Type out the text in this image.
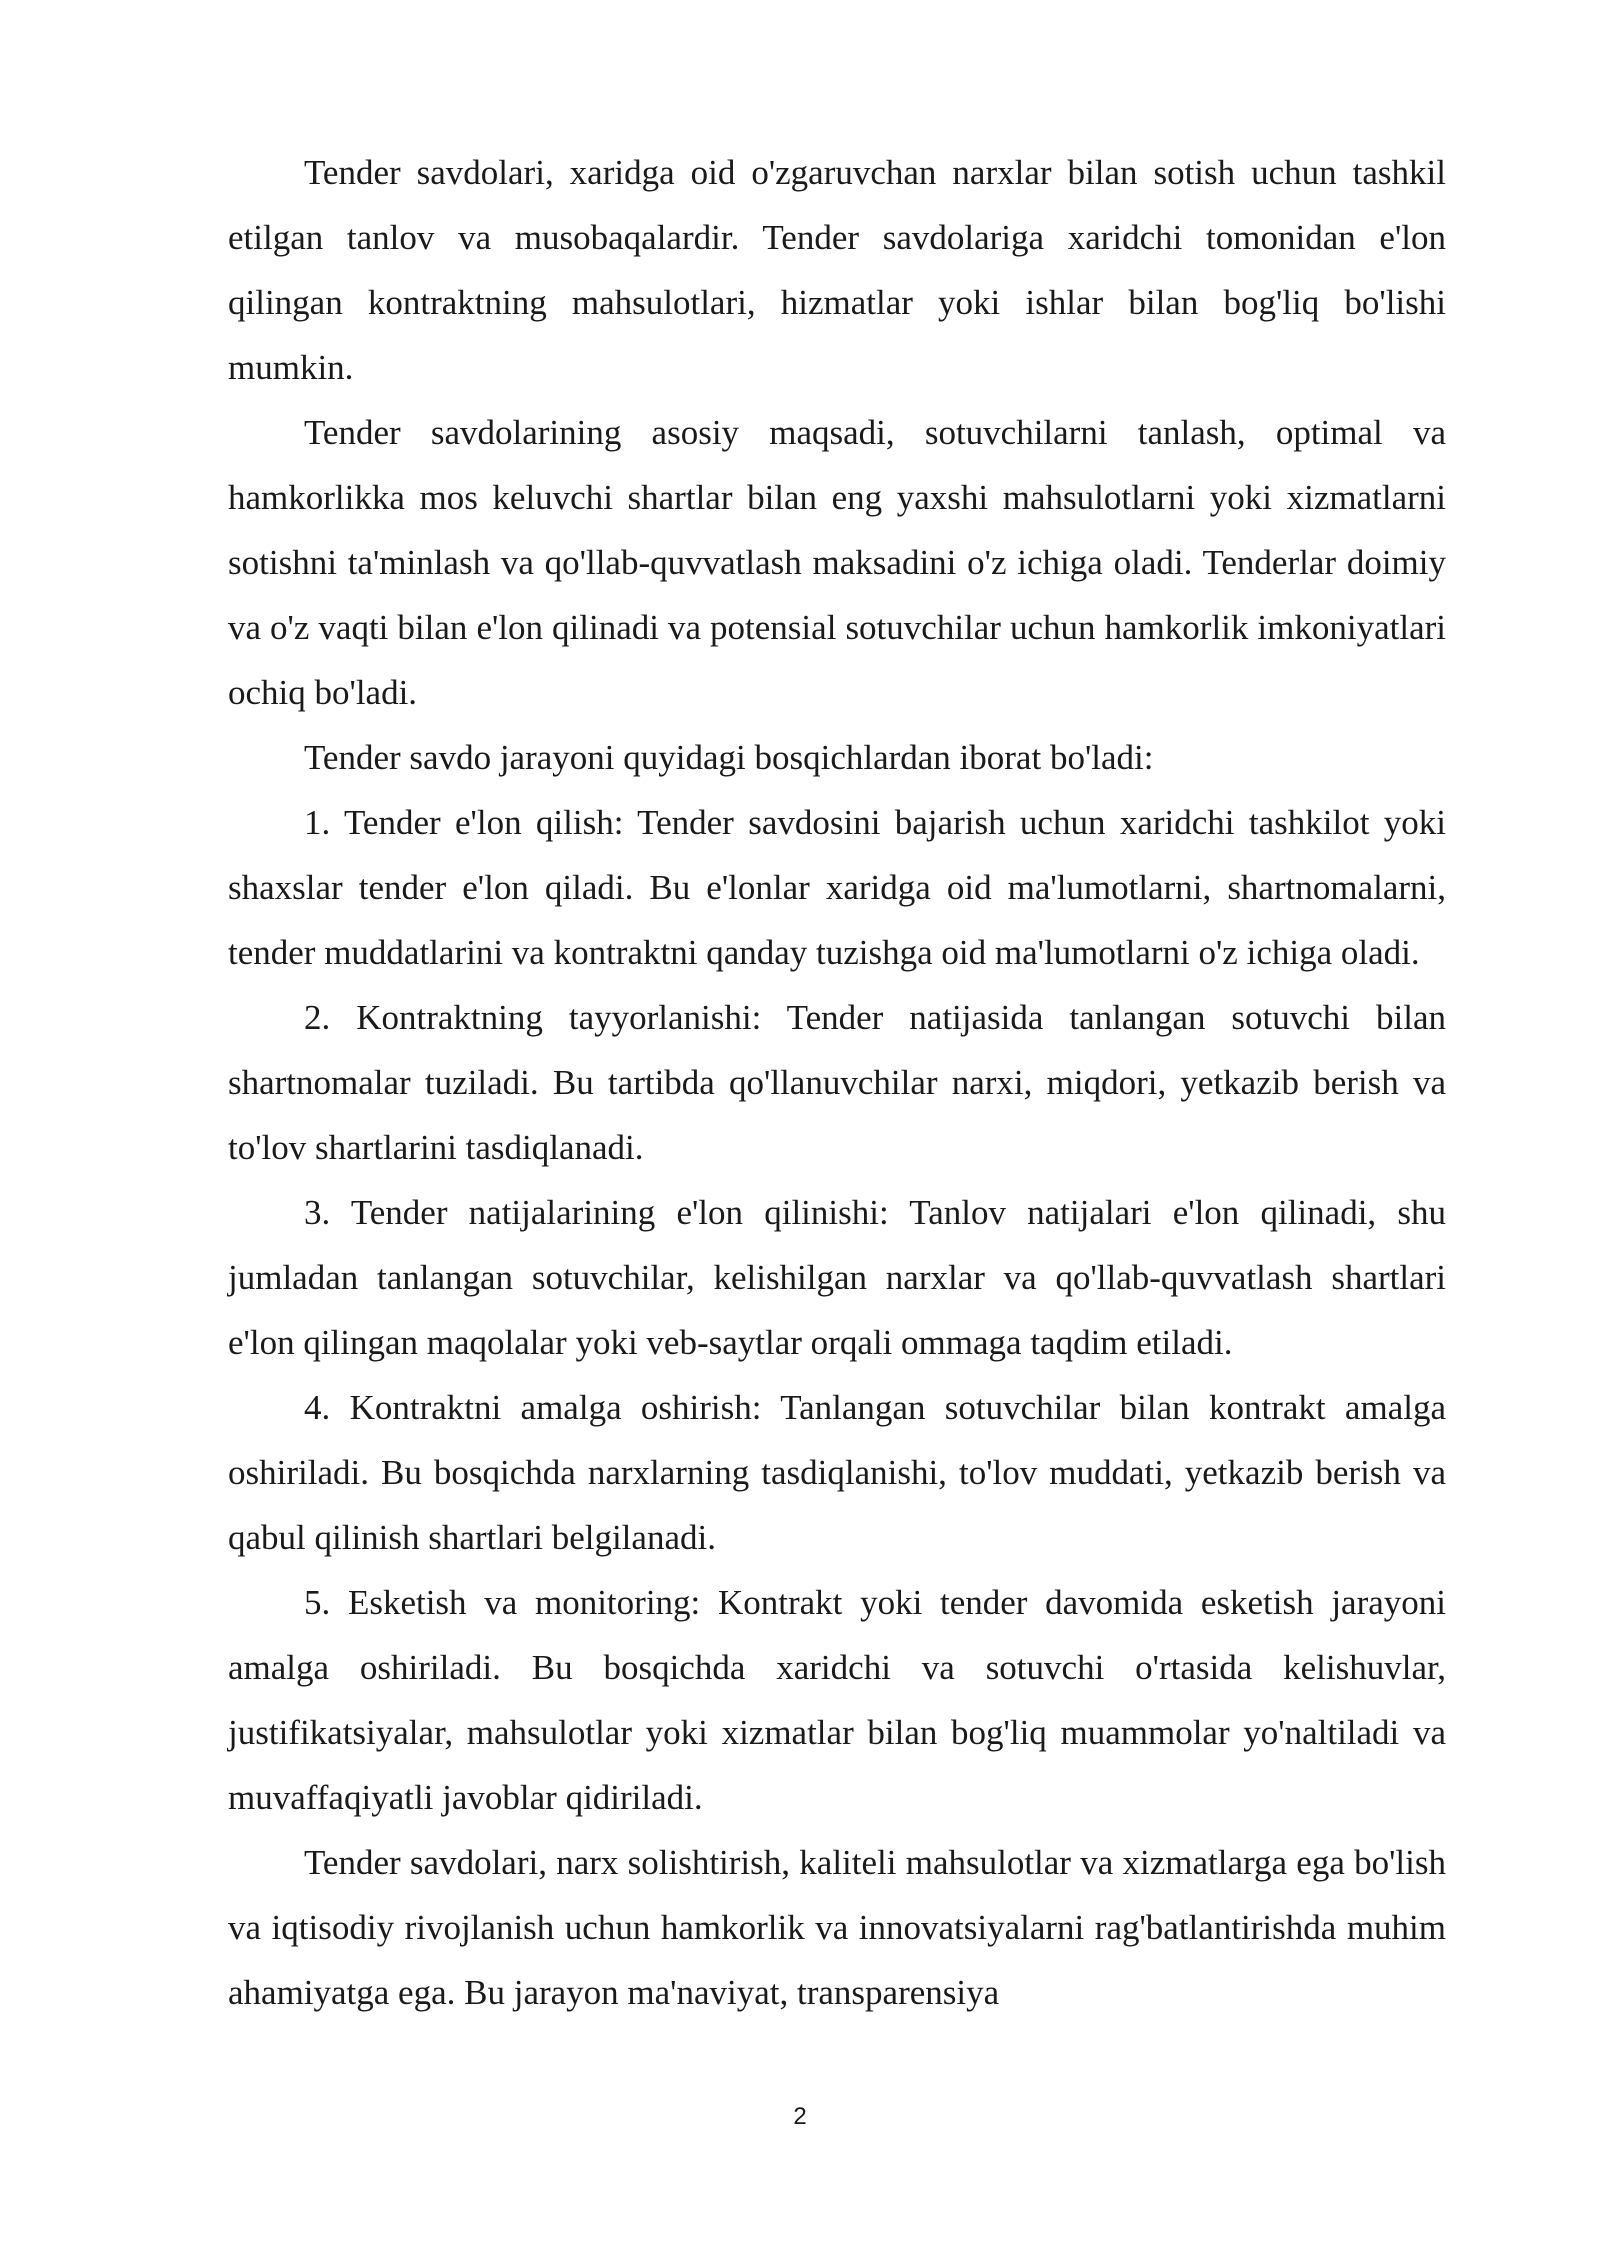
Tender savdolari, xaridga oid o'zgaruvchan narxlar bilan sotish uchun tashkil etilgan tanlov va musobaqalardir. Tender savdolariga xaridchi tomonidan e'lon qilingan kontraktning mahsulotlari, hizmatlar yoki ishlar bilan bog'liq bo'lishi mumkin.

Tender savdolarining asosiy maqsadi, sotuvchilarni tanlash, optimal va hamkorlikka mos keluvchi shartlar bilan eng yaxshi mahsulotlarni yoki xizmatlarni sotishni ta'minlash va qo'llab-quvvatlash maksadini o'z ichiga oladi. Tenderlar doimiy va o'z vaqti bilan e'lon qilinadi va potensial sotuvchilar uchun hamkorlik imkoniyatlari ochiq bo'ladi.

Tender savdo jarayoni quyidagi bosqichlardan iborat bo'ladi:

1. Tender e'lon qilish: Tender savdosini bajarish uchun xaridchi tashkilot yoki shaxslar tender e'lon qiladi. Bu e'lonlar xaridga oid ma'lumotlarni, shartnomalarni, tender muddatlarini va kontraktni qanday tuzishga oid ma'lumotlarni o'z ichiga oladi.

2. Kontraktning tayyorlanishi: Tender natijasida tanlangan sotuvchi bilan shartnomalar tuziladi. Bu tartibda qo'llanuvchilar narxi, miqdori, yetkazib berish va to'lov shartlarini tasdiqlanadi.

3. Tender natijalarining e'lon qilinishi: Tanlov natijalari e'lon qilinadi, shu jumladan tanlangan sotuvchilar, kelishilgan narxlar va qo'llab-quvvatlash shartlari e'lon qilingan maqolalar yoki veb-saytlar orqali ommaga taqdim etiladi.

4. Kontraktni amalga oshirish: Tanlangan sotuvchilar bilan kontrakt amalga oshiriladi. Bu bosqichda narxlarning tasdiqlanishi, to'lov muddati, yetkazib berish va qabul qilinish shartlari belgilanadi.

5. Esketish va monitoring: Kontrakt yoki tender davomida esketish jarayoni amalga oshiriladi. Bu bosqichda xaridchi va sotuvchi o'rtasida kelishuvlar, justifikatsiyalar, mahsulotlar yoki xizmatlar bilan bog'liq muammolar yo'naltiladi va muvaffaqiyatli javoblar qidiriladi.

Tender savdolari, narx solishtirish, kaliteli mahsulotlar va xizmatlarga ega bo'lish va iqtisodiy rivojlanish uchun hamkorlik va innovatsiyalarni rag'batlantirishda muhim ahamiyatga ega. Bu jarayon ma'naviyat, transparensiya

2
